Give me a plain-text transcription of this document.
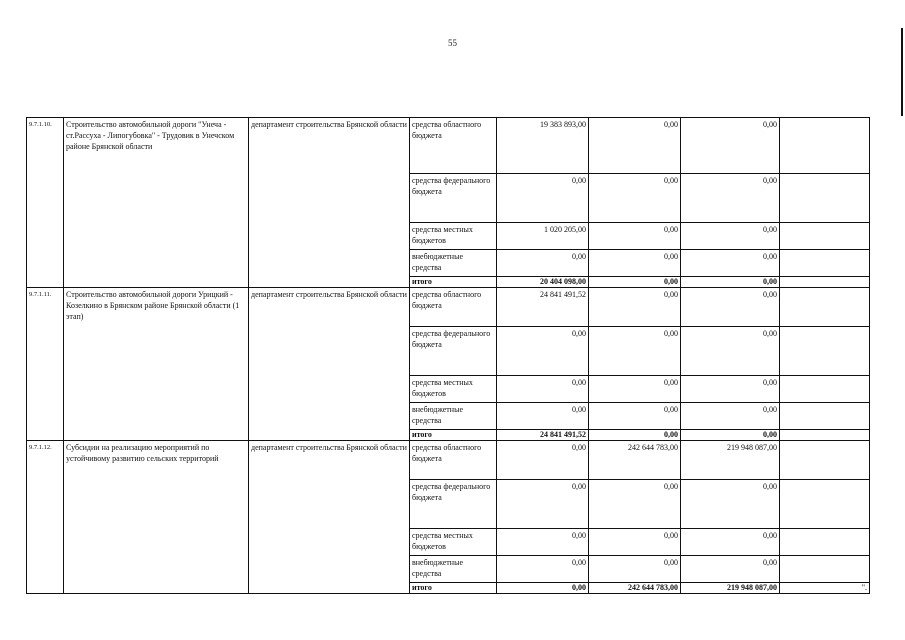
55
9.7.1.10.	Строительство автомобильной дороги "Унеча - ст.Рассуха - Липогубовка" - Трудовик в Унечском районе Брянской области	департамент строительства Брянской области	средства областного бюджета	19 383 893,00	0,00	0,00	
			средства федерального бюджета	0,00	0,00	0,00	
			средства местных бюджетов	1 020 205,00	0,00	0,00	
			внебюджетные средства	0,00	0,00	0,00	
			итого	20 404 098,00	0,00	0,00	
9.7.1.11.	Строительство автомобильной дороги Урицкий - Козелкино в Брянском районе Брянской области (1 этап)	департамент строительства Брянской области	средства областного бюджета	24 841 491,52	0,00	0,00	
			средства федерального бюджета	0,00	0,00	0,00	
			средства местных бюджетов	0,00	0,00	0,00	
			внебюджетные средства	0,00	0,00	0,00	
			итого	24 841 491,52	0,00	0,00	
9.7.1.12.	Субсидии на реализацию мероприятий по устойчивому развитию сельских территорий	департамент строительства Брянской области	средства областного бюджета	0,00	242 644 783,00	219 948 087,00	
			средства федерального бюджета	0,00	0,00	0,00	
			средства местных бюджетов	0,00	0,00	0,00	
			внебюджетные средства	0,00	0,00	0,00	
			итого	0,00	242 644 783,00	219 948 087,00	".
